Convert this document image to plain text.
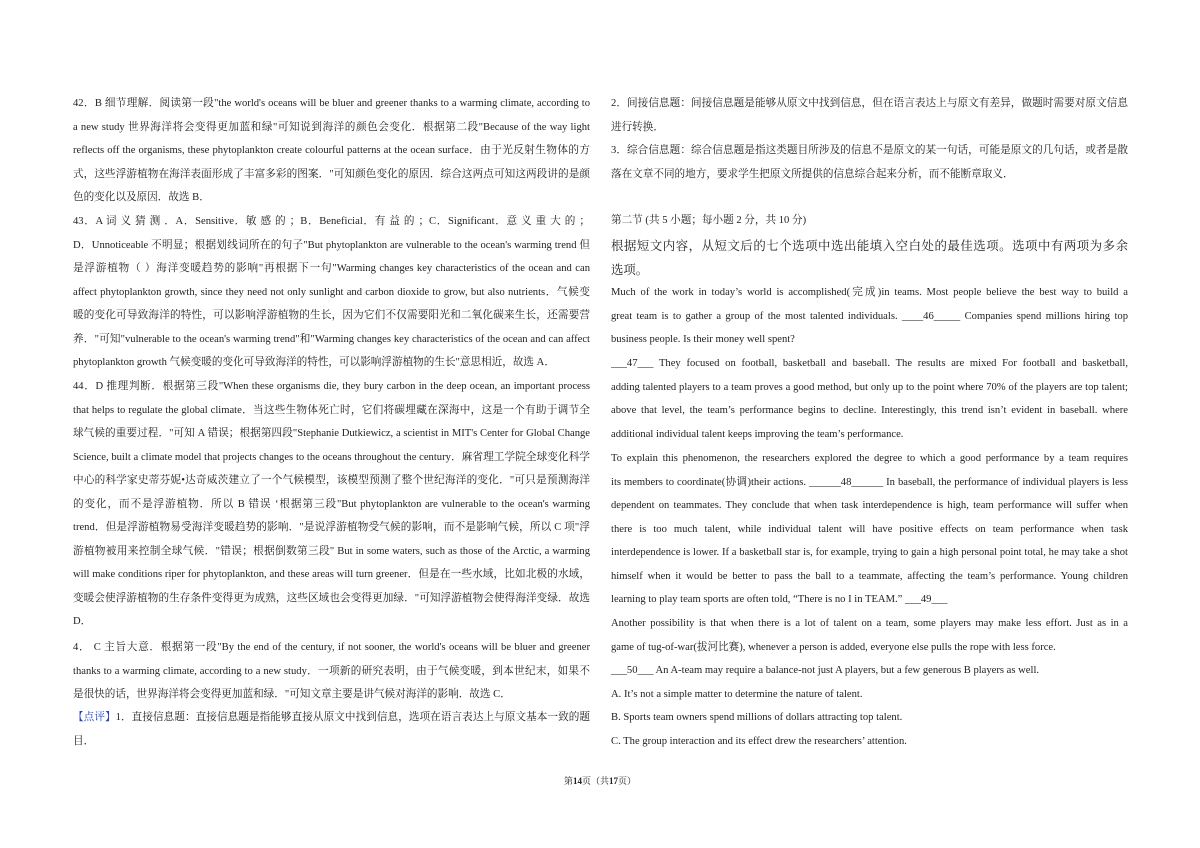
第14页（共17页）
42．B 细节理解．阅读第一段"the world's oceans will be bluer and greener thanks to a warming climate, according to
a new study 世界海洋将会变得更加蓝和绿"可知说到海洋的颜色会变化．根据第二段"Because of the way light
reflects off the organisms, these phytoplankton create colourful patterns at the ocean surface．由于光反射生物体的方
式，这些浮游植物在海洋表面形成了丰富多彩的图案．"可知颜色变化的原因．综合这两点可知这两段讲的是颜
色的变化以及原因．故选 B．
43．A 词 义 猜 测 ．A．Sensitive．敏 感 的 ；B．Beneficial．有 益 的 ；C．Significant．意 义 重 大 的 ；
D．Unnoticeable 不明显；根据划线词所在的句子"But phytoplankton are vulnerable to the ocean's warming trend 但
是浮游植物（ ）海洋变暖趋势的影响"再根据下一句"Warming changes key characteristics of the ocean and can
affect phytoplankton growth, since they need not only sunlight and carbon dioxide to grow, but also nutrients．气候变
暖的变化可导致海洋的特性，可以影响浮游植物的生长，因为它们不仅需要阳光和二氧化碳来生长，还需要营
养．"可知"vulnerable to the ocean's warming trend"和"Warming changes key characteristics of the ocean and can affect
phytoplankton growth 气候变暖的变化可导致海洋的特性，可以影响浮游植物的生长"意思相近，故选 A．
44．D 推理判断．根据第三段"When these organisms die, they bury carbon in the deep ocean, an important process
that helps to regulate the global climate．当这些生物体死亡时，它们将碳埋藏在深海中，这是一个有助于调节全
球气候的重要过程．"可知 A 错误；根据第四段"Stephanie Dutkiewicz, a scientist in MIT's Center for Global Change
Science, built a climate model that projects changes to the oceans throughout the century．麻省理工学院全球变化科学
中心的科学家史蒂芬妮•达奇威茨建立了一个气候模型，该模型预测了整个世纪海洋的变化．"可只是预测海洋
的变化，而不是浮游植物．所以 B 错误 ‘根据第三段"But phytoplankton are vulnerable to the ocean's warming
trend．但是浮游植物易受海洋变暖趋势的影响．"是说浮游植物受气候的影响，而不是影响气候，所以 C 项"浮
游植物被用来控制全球气候．"错误；根据倒数第三段" But in some waters, such as those of the Arctic, a warming
will make conditions riper for phytoplankton, and these areas will turn greener．但是在一些水域，比如北极的水域，
变暖会使浮游植物的生存条件变得更为成熟，这些区域也会变得更加绿．"可知浮游植物会使得海洋变绿．故选
D．
4． C 主旨大意．根据第一段"By the end of the century, if not sooner, the world's oceans will be bluer and greener
thanks to a warming climate, according to a new study．一项新的研究表明，由于气候变暖，到本世纪末，如果不
是很快的话，世界海洋将会变得更加蓝和绿．"可知文章主要是讲气候对海洋的影响．故选 C．
【点评】1．直接信息题：直接信息题是指能够直接从原文中找到信息，选项在语言表达上与原文基本一致的题
目．
2．间接信息题：间接信息题是能够从原文中找到信息，但在语言表达上与原文有差异，做题时需要对原文信息
进行转换．
3．综合信息题：综合信息题是指这类题目所涉及的信息不是原文的某一句话，可能是原文的几句话，或者是散
落在文章不同的地方，要求学生把原文所提供的信息综合起来分析，而不能断章取义．
第二节 (共 5 小题；每小题 2 分，共 10 分)
根据短文内容，从短文后的七个选项中选出能填入空白处的最佳选项。选项中有两项为多余
选项。
Much of the work in today’s world is accomplished(完成)in teams. Most people believe the best way to build a
great team is to gather a group of the most talented individuals. ____46_____ Companies spend millions hiring top
business people. Is their money well spent?
___47___ They focused on football, basketball and baseball. The results are mixed For football and basketball,
adding talented players to a team proves a good method, but only up to the point where 70% of the players are top talent;
above that level, the team’s performance begins to decline. Interestingly, this trend isn’t evident in baseball. where
additional individual talent keeps improving the team’s performance.
To explain this phenomenon, the researchers explored the degree to which a good performance by a team requires
its members to coordinate(协调)their actions. ______48______ In baseball, the performance of individual players is less
dependent on teammates. They conclude that when task interdependence is high, team performance will suffer when
there is too much talent, while individual talent will have positive effects on team performance when task
interdependence is lower. If a basketball star is, for example, trying to gain a high personal point total, he may take a shot
himself when it would be better to pass the ball to a teammate, affecting the team’s performance. Young children
learning to play team sports are often told, “There is no I in TEAM.” ___49___
Another possibility is that when there is a lot of talent on a team, some players may make less effort. Just as in a
game of tug-of-war(拔河比赛), whenever a person is added, everyone else pulls the rope with less force.
___50___ An A-team may require a balance-not just A players, but a few generous B players as well.
A. It’s not a simple matter to determine the nature of talent.
B. Sports team owners spend millions of dollars attracting top talent.
C. The group interaction and its effect drew the researchers’ attention.
